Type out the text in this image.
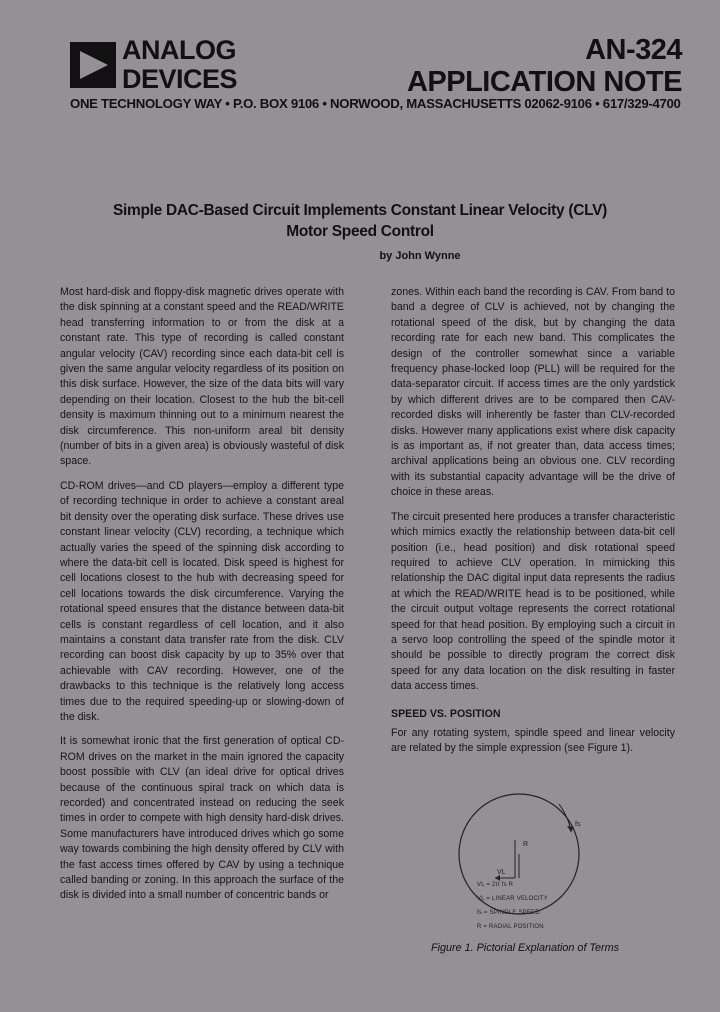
ANALOG
DEVICES
AN-324
APPLICATION NOTE
ONE TECHNOLOGY WAY • P.O. BOX 9106 • NORWOOD, MASSACHUSETTS 02062-9106 • 617/329-4700
Simple DAC-Based Circuit Implements Constant Linear Velocity (CLV)
Motor Speed Control
by John Wynne

Most hard-disk and floppy-disk magnetic drives operate with the disk spinning at a constant speed and the READ/WRITE head transferring information to or from the disk at a constant rate. This type of recording is called constant angular velocity (CAV) recording since each data-bit cell is given the same angular velocity regardless of its position on this disk surface. However, the size of the data bits will vary depending on their location. Closest to the hub the bit-cell density is maximum thinning out to a minimum nearest the disk circumference. This non-uniform areal bit density (number of bits in a given area) is obviously wasteful of disk space.

CD-ROM drives—and CD players—employ a different type of recording technique in order to achieve a constant areal bit density over the operating disk surface. These drives use constant linear velocity (CLV) recording, a technique which actually varies the speed of the spinning disk according to where the data-bit cell is located. Disk speed is highest for cell locations closest to the hub with decreasing speed for cell locations towards the disk circumference. Varying the rotational speed ensures that the distance between data-bit cells is constant regardless of cell location, and it also maintains a constant data transfer rate from the disk. CLV recording can boost disk capacity by up to 35% over that achievable with CAV recording. However, one of the drawbacks to this technique is the relatively long access times due to the required speeding-up or slowing-down of the disk.

It is somewhat ironic that the first generation of optical CD-ROM drives on the market in the main ignored the capacity boost possible with CLV (an ideal drive for optical drives because of the continuous spiral track on which data is recorded) and concentrated instead on reducing the seek times in order to compete with high density hard-disk drives. Some manufacturers have introduced drives which go some way towards combining the high density offered by CLV with the fast access times offered by CAV by using a technique called banding or zoning. In this approach the surface of the disk is divided into a small number of concentric bands or

zones. Within each band the recording is CAV. From band to band a degree of CLV is achieved, not by changing the rotational speed of the disk, but by changing the data recording rate for each new band. This complicates the design of the controller somewhat since a variable frequency phase-locked loop (PLL) will be required for the data-separator circuit. If access times are the only yardstick by which different drives are to be compared then CAV-recorded disks will inherently be faster than CLV-recorded disks. However many applications exist where disk capacity is as important as, if not greater than, data access times; archival applications being an obvious one. CLV recording with its substantial capacity advantage will be the drive of choice in these areas.

The circuit presented here produces a transfer characteristic which mimics exactly the relationship between data-bit cell position (i.e., head position) and disk rotational speed required to achieve CLV operation. In mimicking this relationship the DAC digital input data represents the radius at which the READ/WRITE head is to be positioned, while the circuit output voltage represents the correct rotational speed for that head position. By employing such a circuit in a servo loop controlling the speed of the spindle motor it should be possible to directly program the correct disk speed for any data location on the disk resulting in faster data access times.

SPEED VS. POSITION

For any rotating system, spindle speed and linear velocity are related by the simple expression (see Figure 1).

VL
R
fs
VL = 2π fs R
VL = LINEAR VELOCITY
fs = SPINDLE SPEED
R = RADIAL POSITION
Figure 1. Pictorial Explanation of Terms
